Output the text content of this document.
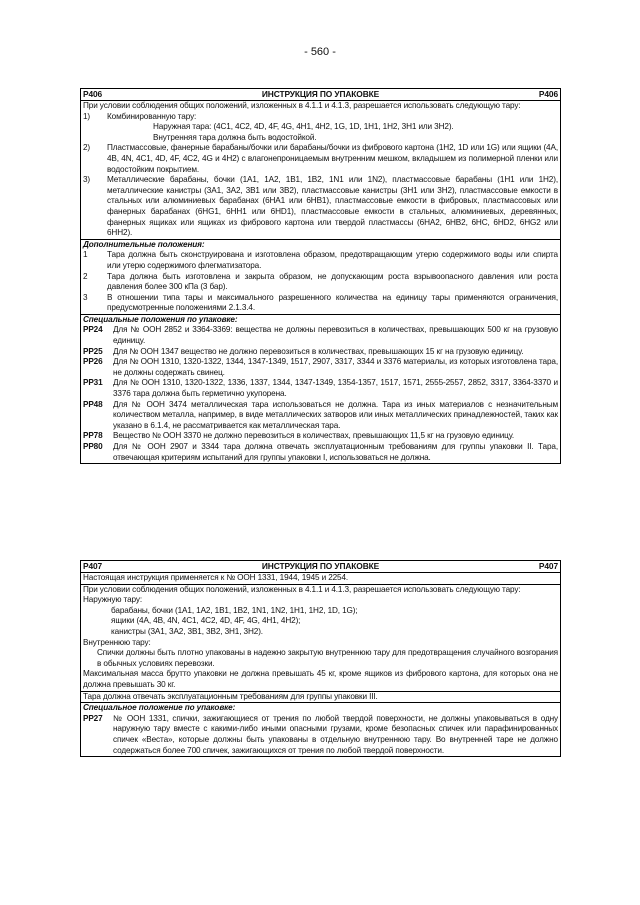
- 560 -
P406	ИНСТРУКЦИЯ ПО УПАКОВКЕ	P406

При условии соблюдения общих положений, изложенных в 4.1.1 и 4.1.3, разрешается использовать следующую тару:

1)	Комбинированную тару:
Наружная тара: (4C1, 4C2, 4D, 4F, 4G, 4H1, 4H2, 1G, 1D, 1H1, 1H2, 3H1 или 3H2).
Внутренняя тара должна быть водостойкой.
2)	Пластмассовые, фанерные барабаны/бочки или барабаны/бочки из фибрового картона (1H2, 1D или 1G) или ящики (4A, 4B, 4N, 4C1, 4D, 4F, 4C2, 4G и 4H2) с влагонепроницаемым внутренним мешком, вкладышем из полимерной пленки или водостойким покрытием.
3)	Металлические барабаны, бочки (1A1, 1A2, 1B1, 1B2, 1N1 или 1N2), пластмассовые барабаны (1H1 или 1H2), металлические канистры (3A1, 3A2, 3B1 или 3B2), пластмассовые канистры (3H1 или 3H2), пластмассовые емкости в стальных или алюминиевых барабанах (6HA1 или 6HB1), пластмассовые емкости в фибровых, пластмассовых или фанерных барабанах (6HG1, 6HH1 или 6HD1), пластмассовые емкости в стальных, алюминиевых, деревянных, фанерных ящиках или ящиках из фибрового картона или твердой пластмассы (6HA2, 6HB2, 6HC, 6HD2, 6HG2 или 6HH2).
Дополнительные положения:
1	Тара должна быть сконструирована и изготовлена образом, предотвращающим утерю содержимого воды или спирта или утерю содержимого флегматизатора.
2	Тара должна быть изготовлена и закрыта образом, не допускающим роста взрывоопасного давления или роста давления более 300 кПа (3 бар).
3	В отношении типа тары и максимального разрешенного количества на единицу тары применяются ограничения, предусмотренные положениями 2.1.3.4.
Специальные положения по упаковке:
PP24	Для № ООН 2852 и 3364-3369: вещества не должны перевозиться в количествах, превышающих 500 кг на грузовую единицу.
PP25	Для № ООН 1347 вещество не должно перевозиться в количествах, превышающих 15 кг на грузовую единицу.
PP26	Для № ООН 1310, 1320-1322, 1344, 1347-1349, 1517, 2907, 3317, 3344 и 3376 материалы, из которых изготовлена тара, не должны содержать свинец.
PP31	Для № ООН 1310, 1320-1322, 1336, 1337, 1344, 1347-1349, 1354-1357, 1517, 1571, 2555-2557, 2852, 3317, 3364-3370 и 3376 тара должна быть герметично укупорена.
PP48	Для № ООН 3474 металлическая тара использоваться не должна. Тара из иных материалов с незначительным количеством металла, например, в виде металлических затворов или иных металлических принадлежностей, таких как указано в 6.1.4, не рассматривается как металлическая тара.
PP78	Вещество № ООН 3370 не должно перевозиться в количествах, превышающих 11,5 кг на грузовую единицу.
PP80	Для № ООН 2907 и 3344 тара должна отвечать эксплуатационным требованиям для группы упаковки II. Тара, отвечающая критериям испытаний для группы упаковки I, использоваться не должна.
P407	ИНСТРУКЦИЯ ПО УПАКОВКЕ	P407

Настоящая инструкция применяется к № ООН 1331, 1944, 1945 и 2254.

При условии соблюдения общих положений, изложенных в 4.1.1 и 4.1.3, разрешается использовать следующую тару:

Наружную тару:

барабаны, бочки (1A1, 1A2, 1B1, 1B2, 1N1, 1N2, 1H1, 1H2, 1D, 1G);

ящики (4A, 4B, 4N, 4C1, 4C2, 4D, 4F, 4G, 4H1, 4H2);

канистры (3A1, 3A2, 3B1, 3B2, 3H1, 3H2).

Внутреннюю тару:

Спички должны быть плотно упакованы в надежно закрытую внутреннюю тару для предотвращения случайного возгорания в обычных условиях перевозки.

Максимальная масса брутто упаковки не должна превышать 45 кг, кроме ящиков из фибрового картона, для которых она не должна превышать 30 кг.

Тара должна отвечать эксплуатационным требованиям для группы упаковки III.

Специальное положение по упаковке:
PP27	№ ООН 1331, спички, зажигающиеся от трения по любой твердой поверхности, не должны упаковываться в одну наружную тару вместе с какими-либо иными опасными грузами, кроме безопасных спичек или парафинированных спичек «Веста», которые должны быть упакованы в отдельную внутреннюю тару. Во внутренней таре не должно содержаться более 700 спичек, зажигающихся от трения по любой твердой поверхности.
